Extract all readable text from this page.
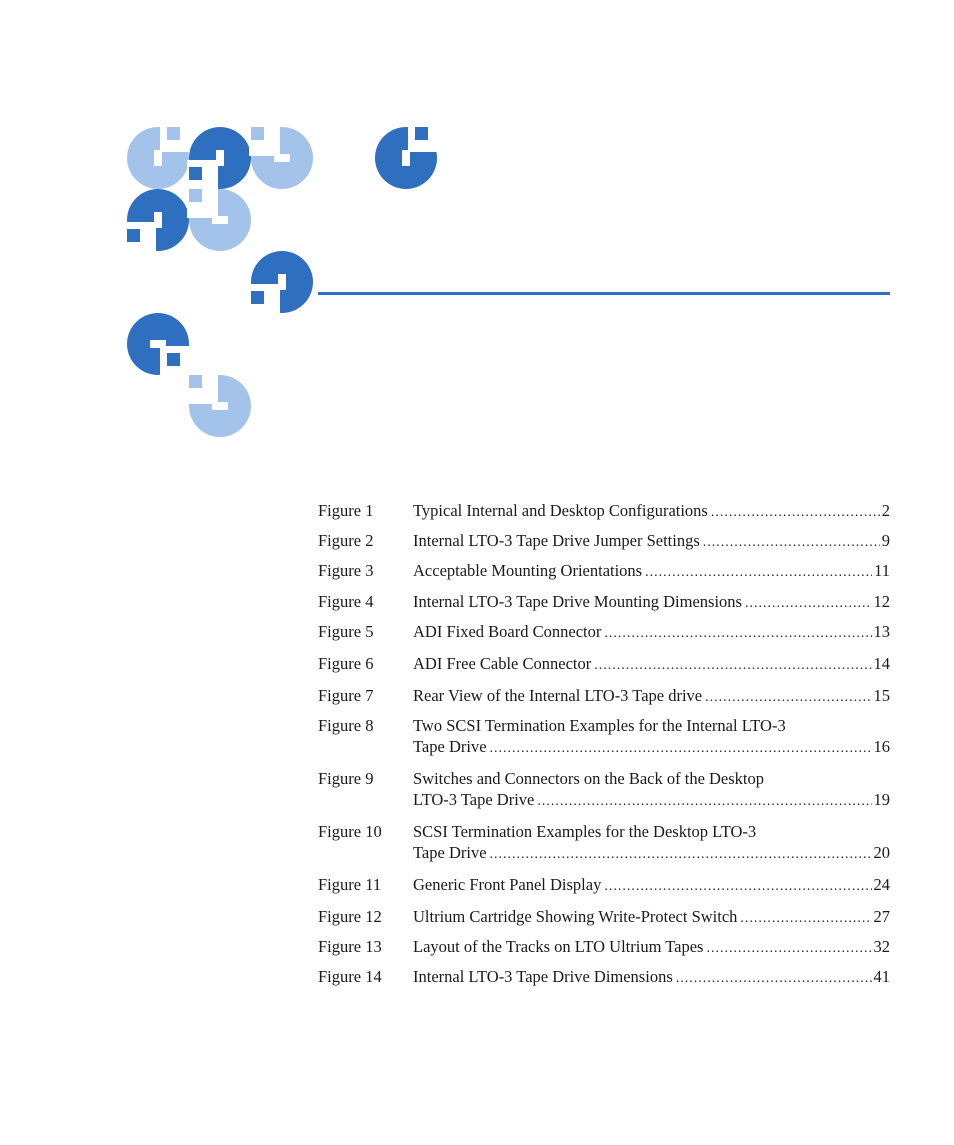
Figure 1 Typical Internal and Desktop Configurations .....	2
Figure 2 Internal LTO-3 Tape Drive Jumper Settings .....	9
Figure 3 Acceptable Mounting Orientations .....	11
Figure 4 Internal LTO-3 Tape Drive Mounting Dimensions .....	12
Figure 5 ADI Fixed Board Connector .....	13
Figure 6 ADI Free Cable Connector .....	14
Figure 7 Rear View of the Internal LTO-3 Tape drive .....	15
Figure 8 Two SCSI Termination Examples for the Internal LTO-3
Tape Drive .....	16
Figure 9 Switches and Connectors on the Back of the Desktop
LTO-3 Tape Drive .....	19
Figure 10 SCSI Termination Examples for the Desktop LTO-3
Tape Drive .....	20
Figure 11 Generic Front Panel Display .....	24
Figure 12 Ultrium Cartridge Showing Write-Protect Switch .....	27
Figure 13 Layout of the Tracks on LTO Ultrium Tapes .....	32
Figure 14 Internal LTO-3 Tape Drive Dimensions .....	41
